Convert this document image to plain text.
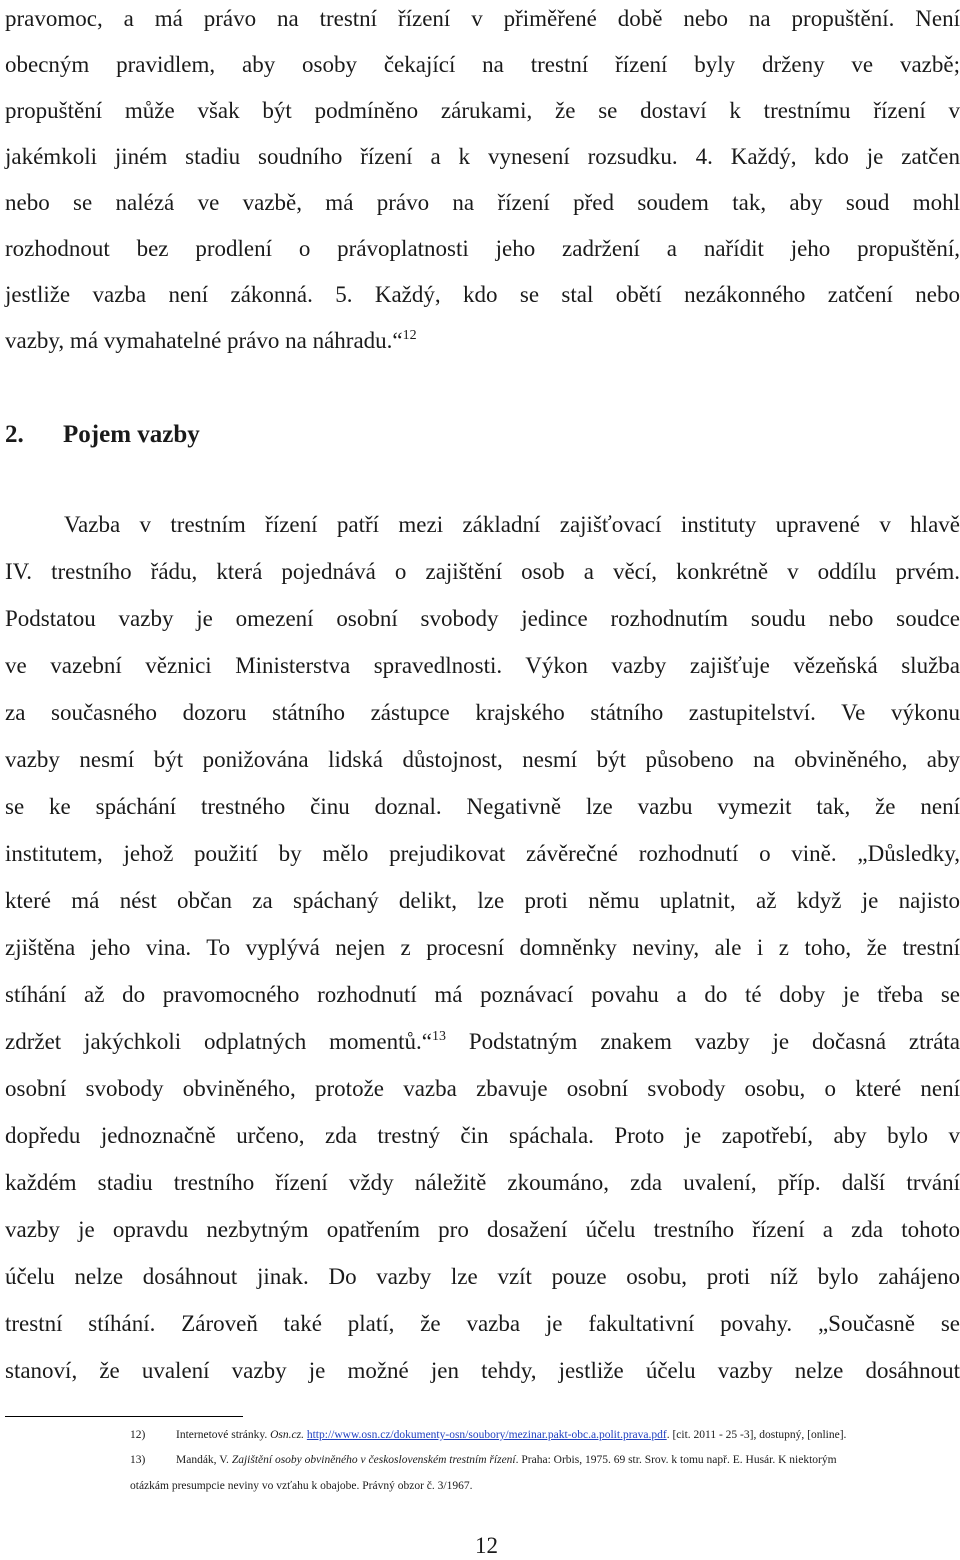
pravomoc, a má právo na trestní řízení v přiměřené době nebo na propuštění. Není
obecným pravidlem, aby osoby čekající na trestní řízení byly drženy ve vazbě;
propuštění může však být podmíněno zárukami, že se dostaví k trestnímu řízení v
jakémkoli jiném stadiu soudního řízení a k vynesení rozsudku. 4. Každý, kdo je zatčen
nebo se nalézá ve vazbě, má právo na řízení před soudem tak, aby soud mohl
rozhodnout bez prodlení o právoplatnosti jeho zadržení a nařídit jeho propuštění,
jestliže vazba není zákonná. 5. Každý, kdo se stal obětí nezákonného zatčení nebo
vazby, má vymahatelné právo na náhradu.“$^{12}$
2. Pojem vazby
Vazba v trestním řízení patří mezi základní zajišťovací instituty upravené v hlavě
IV. trestního řádu, která pojednává o zajištění osob a věcí, konkrétně v oddílu prvém.
Podstatou vazby je omezení osobní svobody jedince rozhodnutím soudu nebo soudce
ve vazební věznici Ministerstva spravedlnosti. Výkon vazby zajišťuje vězeňská služba
za současného dozoru státního zástupce krajského státního zastupitelství. Ve výkonu
vazby nesmí být ponižována lidská důstojnost, nesmí být působeno na obviněného, aby
se ke spáchání trestného činu doznal. Negativně lze vazbu vymezit tak, že není
institutem, jehož použití by mělo prejudikovat závěrečné rozhodnutí o vině. „Důsledky,
které má nést občan za spáchaný delikt, lze proti němu uplatnit, až když je najisto
zjištěna jeho vina. To vyplývá nejen z procesní domněnky neviny, ale i z toho, že trestní
stíhání až do pravomocného rozhodnutí má poznávací povahu a do té doby je třeba se
zdržet jakýchkoli odplatných momentů.“$^{13}$ Podstatným znakem vazby je dočasná ztráta
osobní svobody obviněného, protože vazba zbavuje osobní svobody osobu, o které není
dopředu jednoznačně určeno, zda trestný čin spáchala. Proto je zapotřebí, aby bylo v
každém stadiu trestního řízení vždy náležitě zkoumáno, zda uvalení, příp. další trvání
vazby je opravdu nezbytným opatřením pro dosažení účelu trestního řízení a zda tohoto
účelu nelze dosáhnout jinak. Do vazby lze vzít pouze osobu, proti níž bylo zahájeno
trestní stíhání. Zároveň také platí, že vazba je fakultativní povahy. „Současně se
stanoví, že uvalení vazby je možné jen tehdy, jestliže účelu vazby nelze dosáhnout
12)	Internetové stránky. Osn.cz. http://www.osn.cz/dokumenty-osn/soubory/mezinar.pakt-obc.a.polit.prava.pdf. [cit. 2011 - 25 -3], dostupný, [online].
13)	Mandák, V. Zajištění osoby obviněného v československém trestním řízení. Praha: Orbis, 1975. 69 str. Srov. k tomu např. E. Husár. K niektorým
otázkám presumpcie neviny vo vzťahu k obajobe. Právný obzor č. 3/1967.
12
